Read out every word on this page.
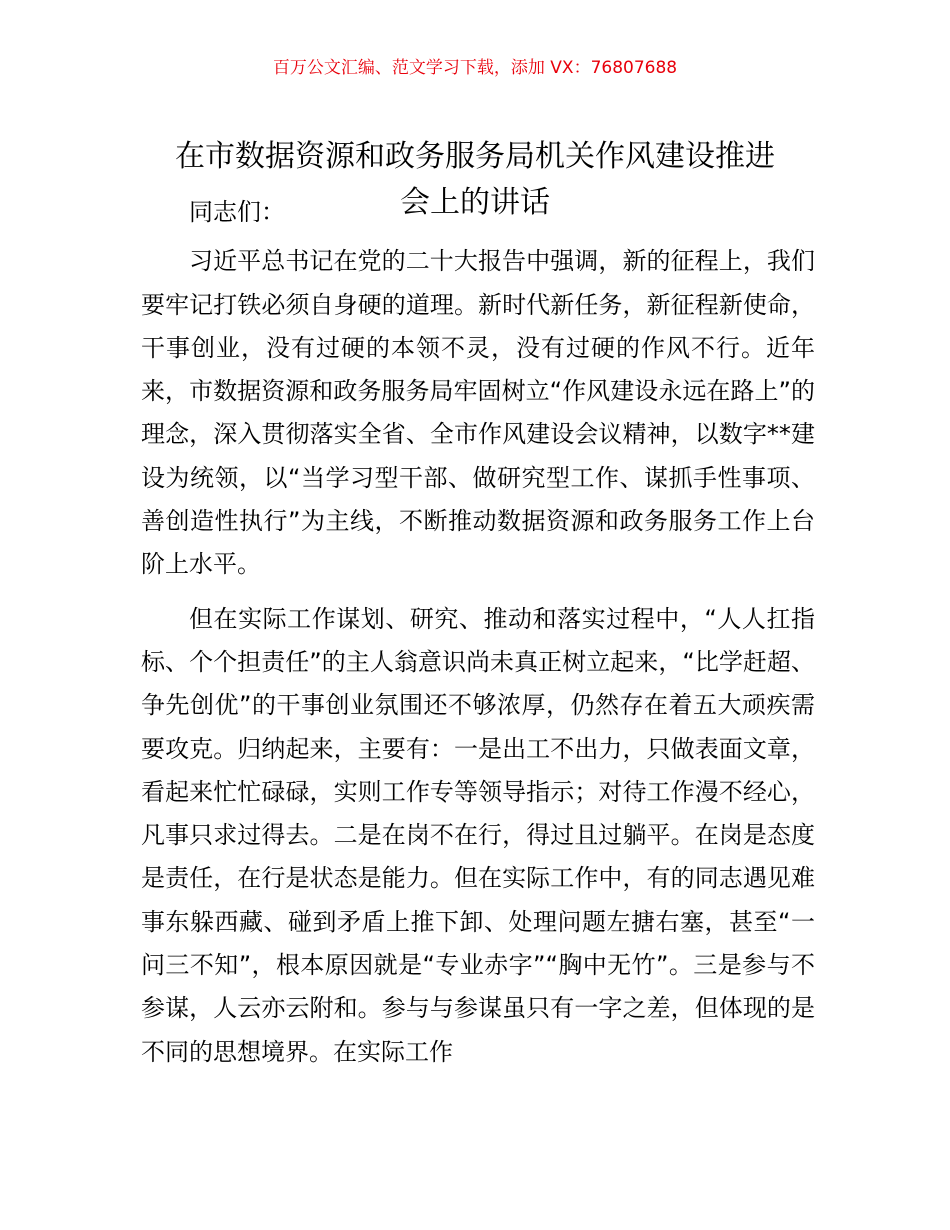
百万公文汇编、范文学习下载，添加 VX：76807688
在市数据资源和政务服务局机关作风建设推进
会上的讲话

同志们：

习近平总书记在党的二十大报告中强调，新的征程上，我们要牢记打铁必须自身硬的道理。新时代新任务，新征程新使命，干事创业，没有过硬的本领不灵，没有过硬的作风不行。近年来，市数据资源和政务服务局牢固树立“作风建设永远在路上”的理念，深入贯彻落实全省、全市作风建设会议精神，以数字**建设为统领，以“当学习型干部、做研究型工作、谋抓手性事项、善创造性执行”为主线，不断推动数据资源和政务服务工作上台阶上水平。

但在实际工作谋划、研究、推动和落实过程中，“人人扛指标、个个担责任”的主人翁意识尚未真正树立起来，“比学赶超、争先创优”的干事创业氛围还不够浓厚，仍然存在着五大顽疾需要攻克。归纳起来，主要有：一是出工不出力，只做表面文章，看起来忙忙碌碌，实则工作专等领导指示；对待工作漫不经心，凡事只求过得去。二是在岗不在行，得过且过躺平。在岗是态度是责任，在行是状态是能力。但在实际工作中，有的同志遇见难事东躲西藏、碰到矛盾上推下卸、处理问题左搪右塞，甚至“一问三不知”，根本原因就是“专业赤字”“胸中无竹”。三是参与不参谋，人云亦云附和。参与与参谋虽只有一字之差，但体现的是不同的思想境界。在实际工作
